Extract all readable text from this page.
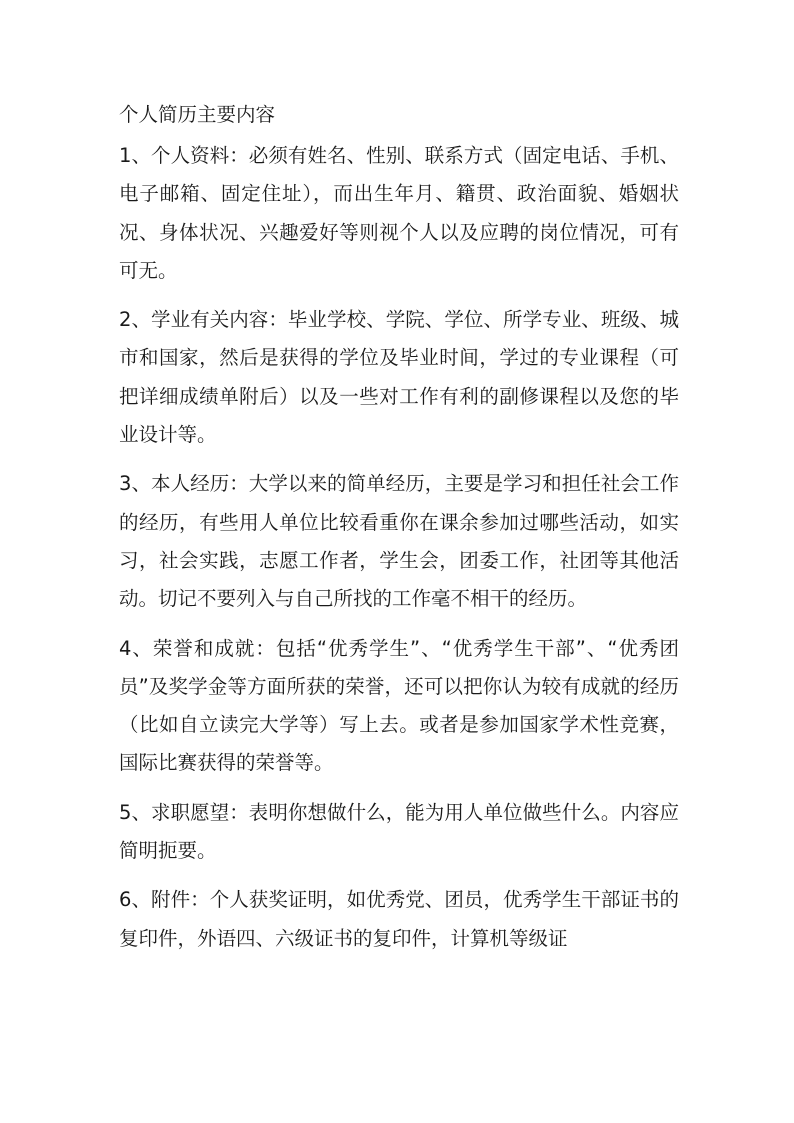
个人简历主要内容

1、个人资料：必须有姓名、性别、联系方式（固定电话、手机、电子邮箱、固定住址），而出生年月、籍贯、政治面貌、婚姻状况、身体状况、兴趣爱好等则视个人以及应聘的岗位情况，可有可无。

2、学业有关内容：毕业学校、学院、学位、所学专业、班级、城市和国家，然后是获得的学位及毕业时间，学过的专业课程（可把详细成绩单附后）以及一些对工作有利的副修课程以及您的毕业设计等。

3、本人经历：大学以来的简单经历，主要是学习和担任社会工作的经历，有些用人单位比较看重你在课余参加过哪些活动，如实习，社会实践，志愿工作者，学生会，团委工作，社团等其他活动。切记不要列入与自己所找的工作毫不相干的经历。

4、荣誉和成就：包括“优秀学生”、“优秀学生干部”、“优秀团员”及奖学金等方面所获的荣誉，还可以把你认为较有成就的经历（比如自立读完大学等）写上去。或者是参加国家学术性竞赛，国际比赛获得的荣誉等。

5、求职愿望：表明你想做什么，能为用人单位做些什么。内容应简明扼要。

6、附件：个人获奖证明，如优秀党、团员，优秀学生干部证书的复印件，外语四、六级证书的复印件，计算机等级证
